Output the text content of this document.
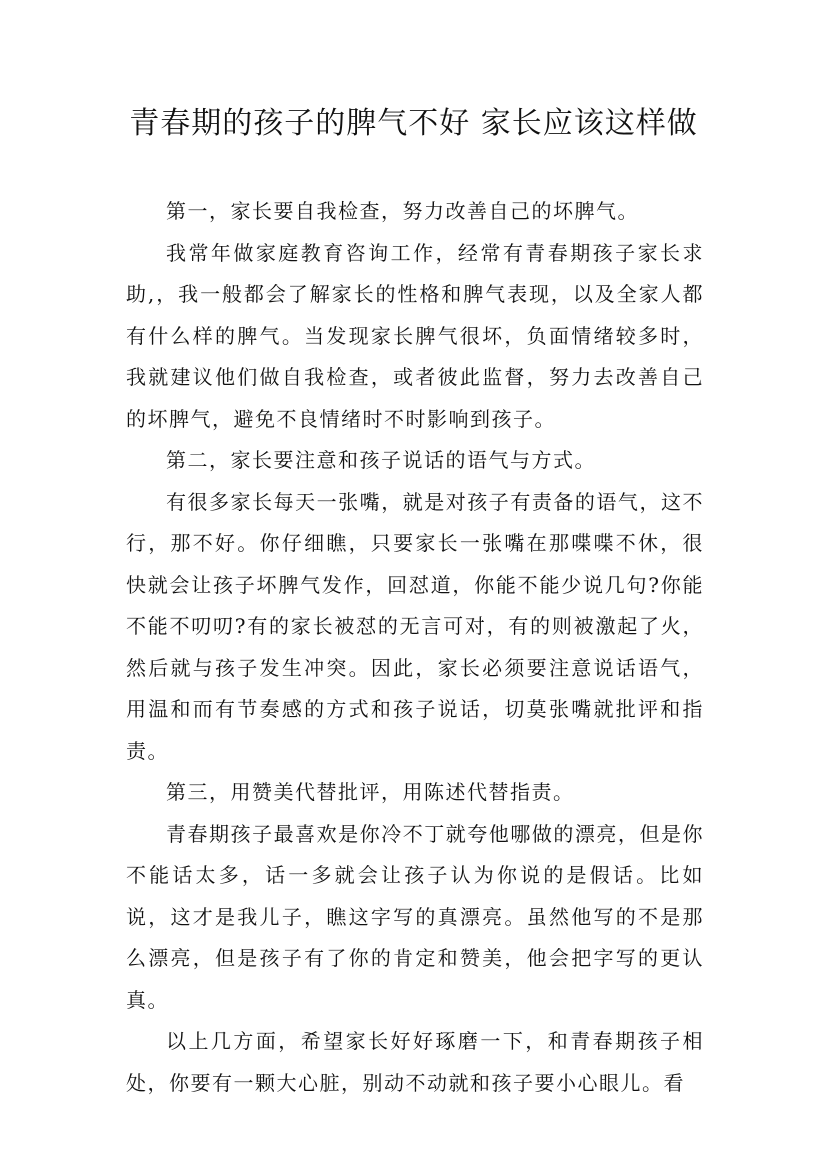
青春期的孩子的脾气不好 家长应该这样做

第一，家长要自我检查，努力改善自己的坏脾气。

我常年做家庭教育咨询工作，经常有青春期孩子家长求助,，我一般都会了解家长的性格和脾气表现，以及全家人都有什么样的脾气。当发现家长脾气很坏，负面情绪较多时，我就建议他们做自我检查，或者彼此监督，努力去改善自己的坏脾气，避免不良情绪时不时影响到孩子。

第二，家长要注意和孩子说话的语气与方式。

有很多家长每天一张嘴，就是对孩子有责备的语气，这不行，那不好。你仔细瞧，只要家长一张嘴在那喋喋不休，很快就会让孩子坏脾气发作，回怼道，你能不能少说几句?你能不能不叨叨?有的家长被怼的无言可对，有的则被激起了火，然后就与孩子发生冲突。因此，家长必须要注意说话语气，用温和而有节奏感的方式和孩子说话，切莫张嘴就批评和指责。

第三，用赞美代替批评，用陈述代替指责。

青春期孩子最喜欢是你冷不丁就夸他哪做的漂亮，但是你不能话太多，话一多就会让孩子认为你说的是假话。比如说，这才是我儿子，瞧这字写的真漂亮。虽然他写的不是那么漂亮，但是孩子有了你的肯定和赞美，他会把字写的更认真。

以上几方面，希望家长好好琢磨一下，和青春期孩子相处，你要有一颗大心脏，别动不动就和孩子要小心眼儿。看
